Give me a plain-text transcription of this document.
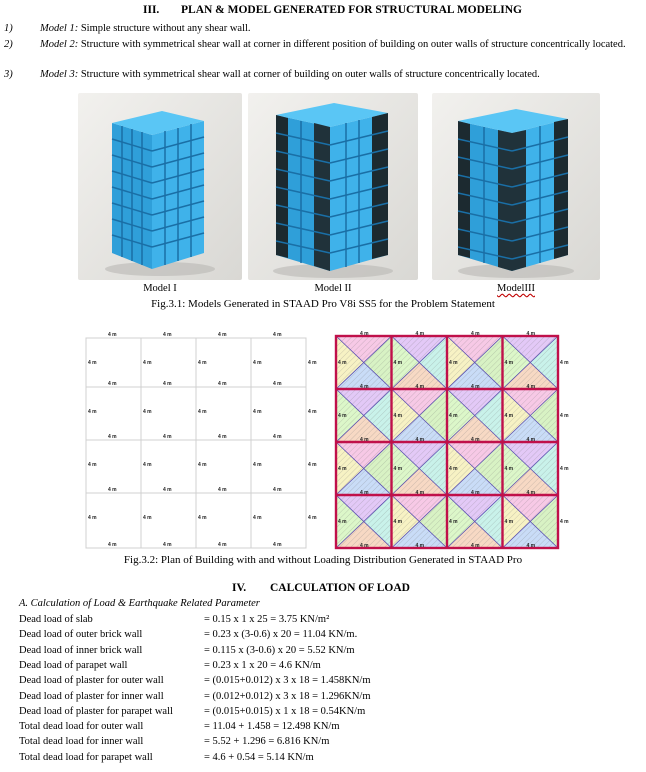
III. PLAN & MODEL GENERATED FOR STRUCTURAL MODELING
1)	Model 1: Simple structure without any shear wall.
2)	Model 2: Structure with symmetrical shear wall at corner in different position of building on outer walls of structure concentrically located.
3)	Model 3: Structure with symmetrical shear wall at corner of building on outer walls of structure concentrically located.
Model I	Model II	ModelIII
Fig.3.1: Models Generated in STAAD Pro V8i SS5 for the Problem Statement
4 m
4 m
4 m
4 m
4 m
4 m
4 m
4 m
4 m
4 m
4 m
4 m
4 m
4 m
4 m
4 m
4 m
4 m
4 m
4 m
4 m	4 m	4 m	4 m	4 m
4 m	4 m	4 m	4 m	4 m
4 m	4 m	4 m	4 m	4 m
4 m	4 m	4 m	4 m	4 m
4 m
4 m
4 m
4 m
4 m
4 m
4 m
4 m
4 m
4 m
4 m
4 m
4 m
4 m
4 m
4 m
4 m
4 m
4 m
4 m
4 m	4 m	4 m	4 m	4 m
4 m	4 m	4 m	4 m	4 m
4 m	4 m	4 m	4 m	4 m
4 m	4 m	4 m	4 m	4 m
Fig.3.2: Plan of Building with and without Loading Distribution Generated in STAAD Pro
IV. CALCULATION OF LOAD
A. Calculation of Load & Earthquake Related Parameter
Dead load of slab	= 0.15 x 1 x 25 = 3.75 KN/m²
Dead load of outer brick wall	= 0.23 x (3-0.6) x 20 = 11.04 KN/m.
Dead load of inner brick wall	= 0.115 x (3-0.6) x 20 = 5.52 KN/m
Dead load of parapet wall	= 0.23 x 1 x 20 = 4.6 KN/m
Dead load of plaster for outer wall	= (0.015+0.012) x 3 x 18 = 1.458KN/m
Dead load of plaster for inner wall	= (0.012+0.012) x 3 x 18 = 1.296KN/m
Dead load of plaster for parapet wall	= (0.015+0.015) x 1 x 18 = 0.54KN/m
Total dead load for outer wall	= 11.04 + 1.458 = 12.498 KN/m
Total dead load for inner wall	= 5.52 + 1.296 = 6.816 KN/m
Total dead load for parapet wall	= 4.6 + 0.54 = 5.14 KN/m
